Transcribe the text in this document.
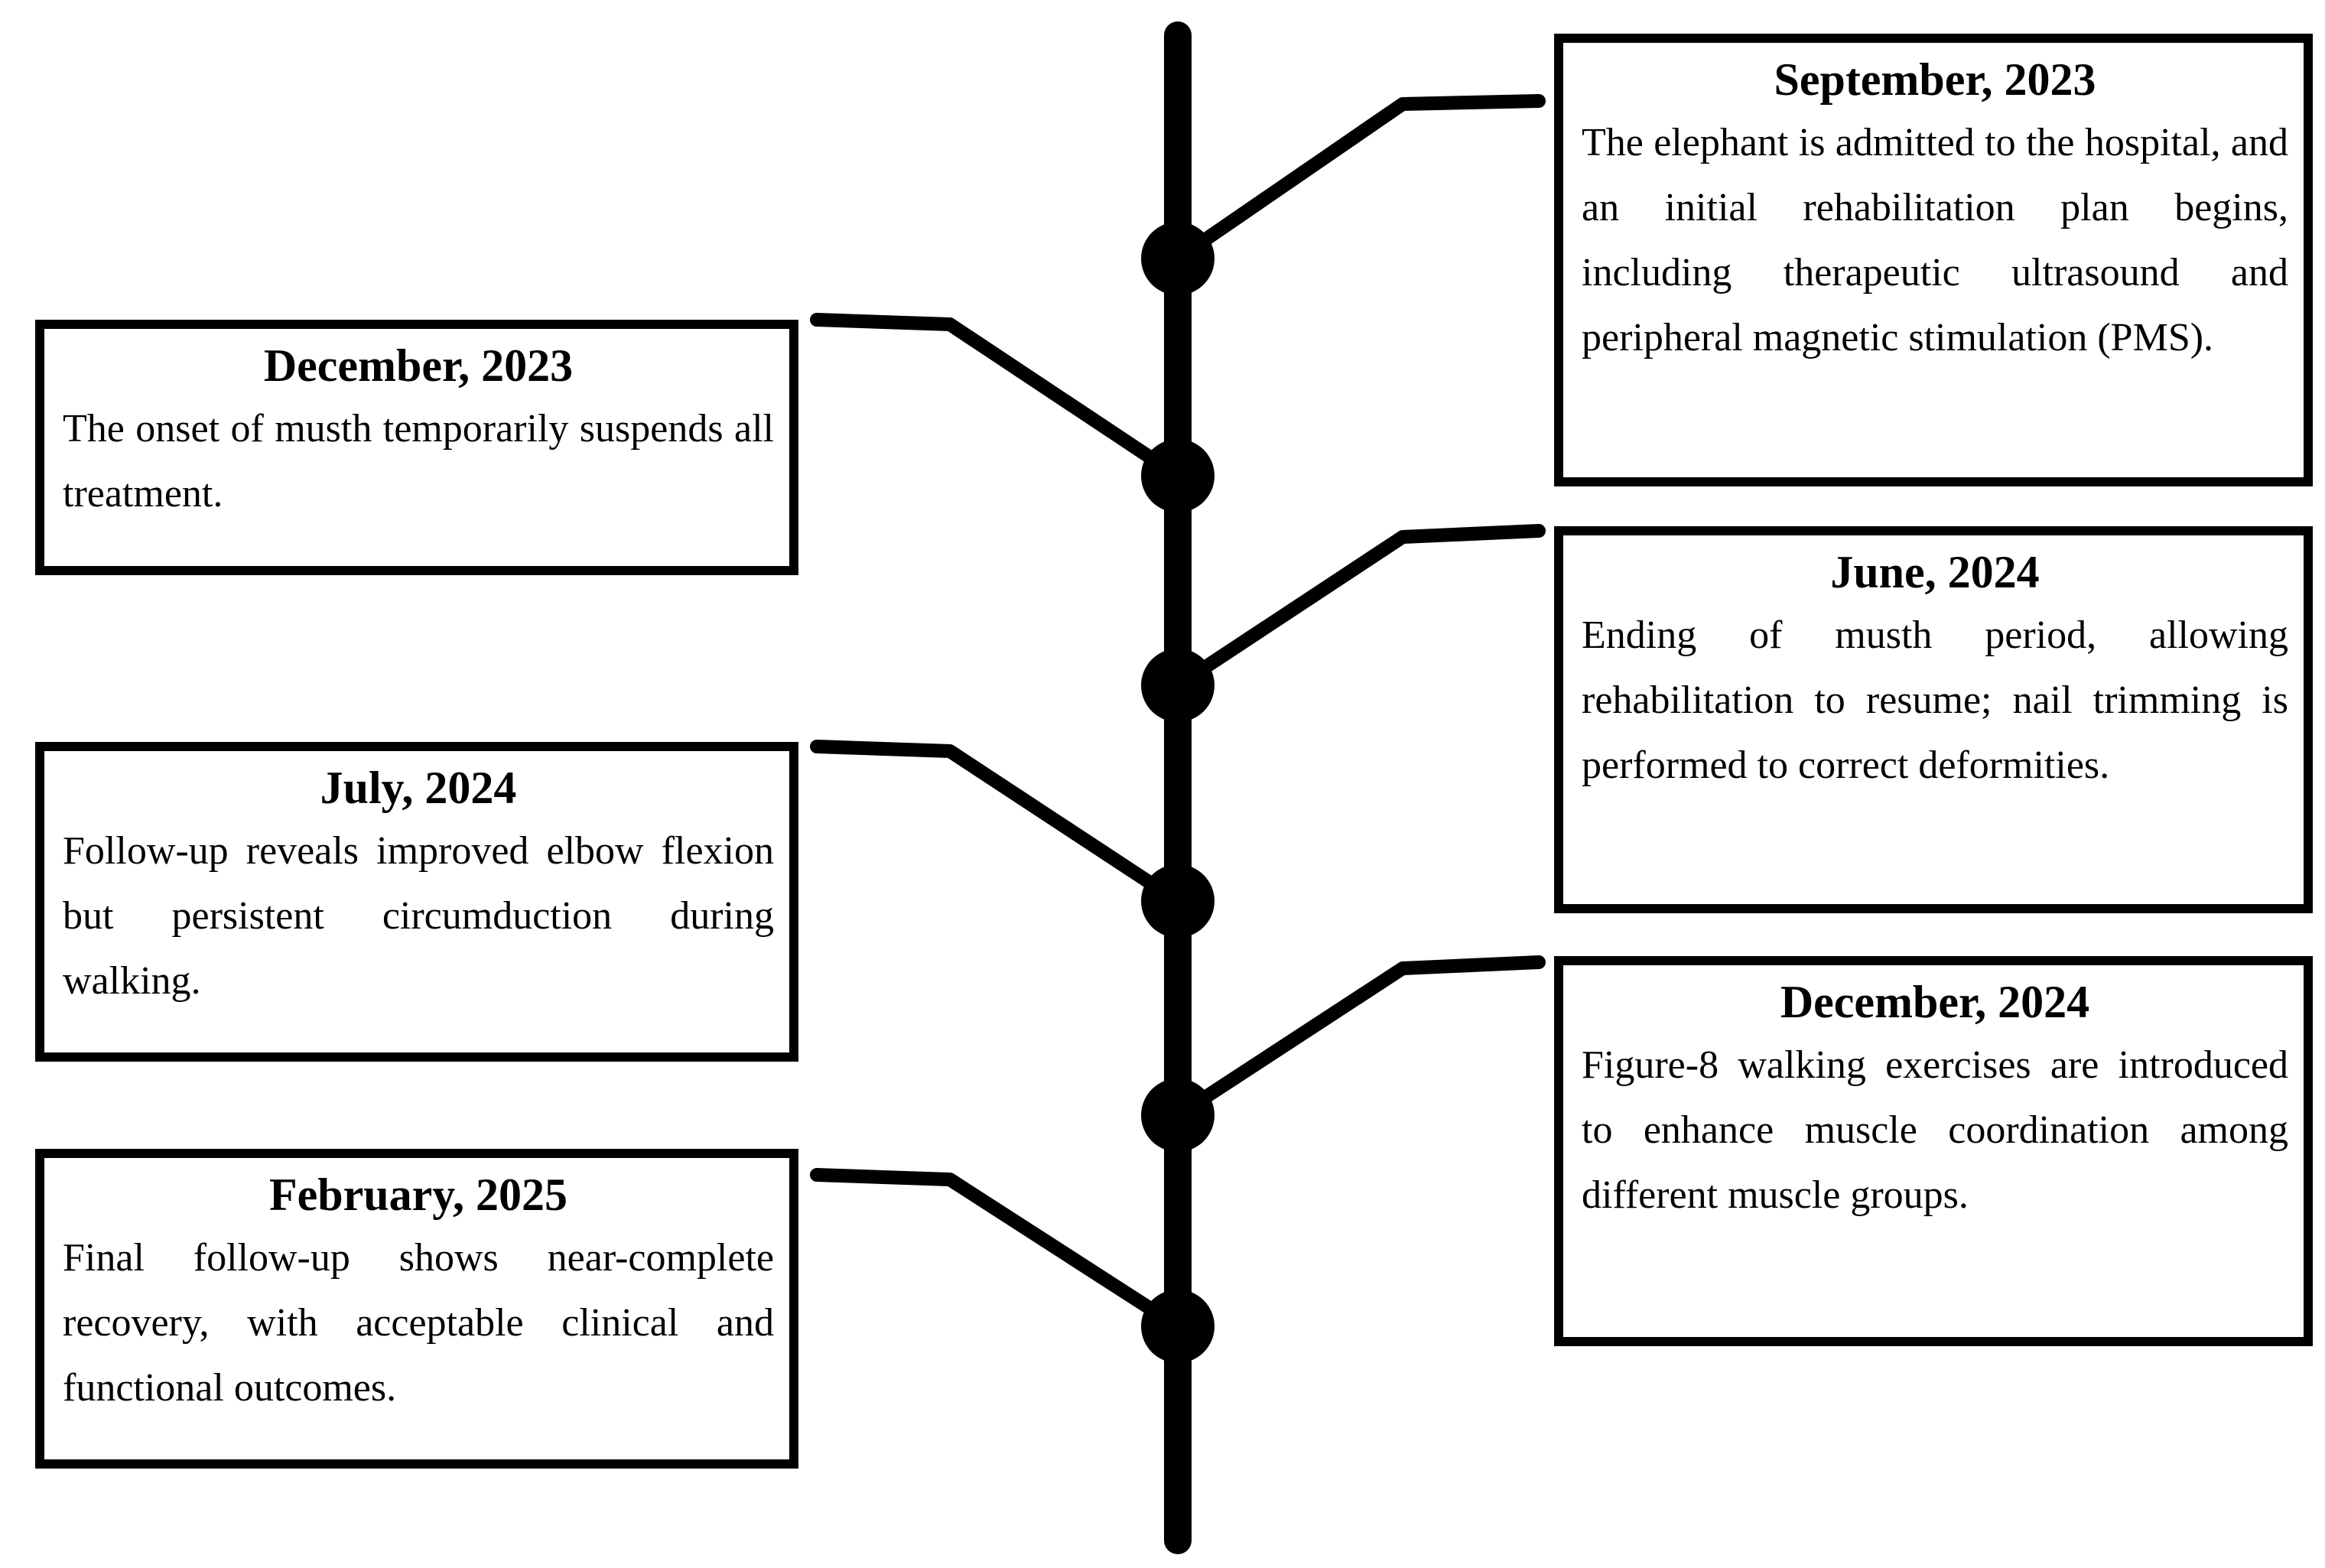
September, 2023
The elephant is admitted to the hospital, and an initial rehabilitation plan begins, including therapeutic ultrasound and peripheral magnetic stimulation (PMS).
December, 2023
The onset of musth temporarily suspends all treatment.
June, 2024
Ending of musth period, allowing rehabilitation to resume; nail trimming is performed to correct deformities.
July, 2024
Follow-up reveals improved elbow flexion but persistent circumduction during walking.	December, 2024
Figure-8 walking exercises are introduced to enhance muscle coordination among different muscle groups.
February, 2025
Final follow-up shows near-complete recovery, with acceptable clinical and functional outcomes.
